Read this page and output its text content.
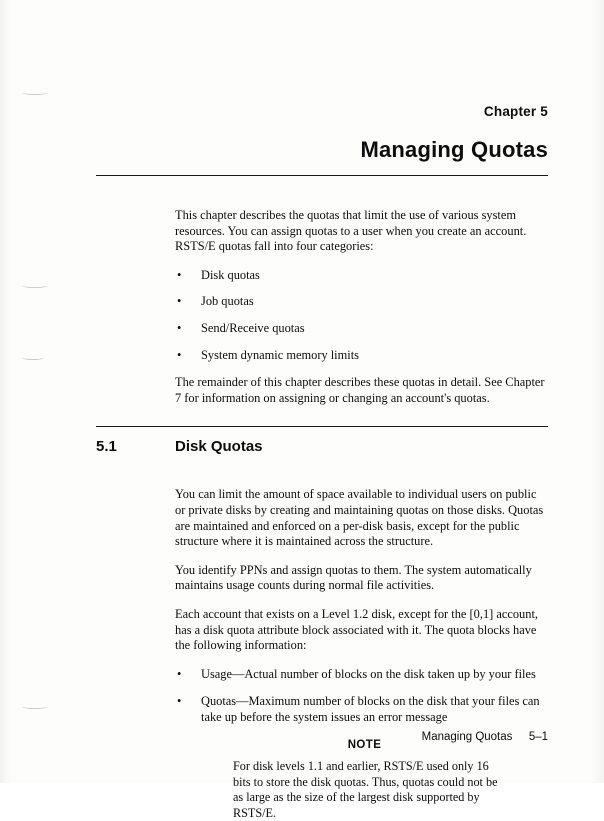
Chapter 5
Managing Quotas

This chapter describes the quotas that limit the use of various system resources. You can assign quotas to a user when you create an account. RSTS/E quotas fall into four categories:

• Disk quotas
• Job quotas
• Send/Receive quotas
• System dynamic memory limits

The remainder of this chapter describes these quotas in detail. See Chapter 7 for information on assigning or changing an account's quotas.

5.1	Disk Quotas

You can limit the amount of space available to individual users on public or private disks by creating and maintaining quotas on those disks. Quotas are maintained and enforced on a per-disk basis, except for the public structure where it is maintained across the structure.

You identify PPNs and assign quotas to them. The system automatically maintains usage counts during normal file activities.

Each account that exists on a Level 1.2 disk, except for the [0,1] account, has a disk quota attribute block associated with it. The quota blocks have the following information:

• Usage—Actual number of blocks on the disk taken up by your files
• Quotas—Maximum number of blocks on the disk that your files can take up before the system issues an error message
NOTE

For disk levels 1.1 and earlier, RSTS/E used only 16 bits to store the disk quotas. Thus, quotas could not be as large as the size of the largest disk supported by RSTS/E.

Managing Quotas 5–1
